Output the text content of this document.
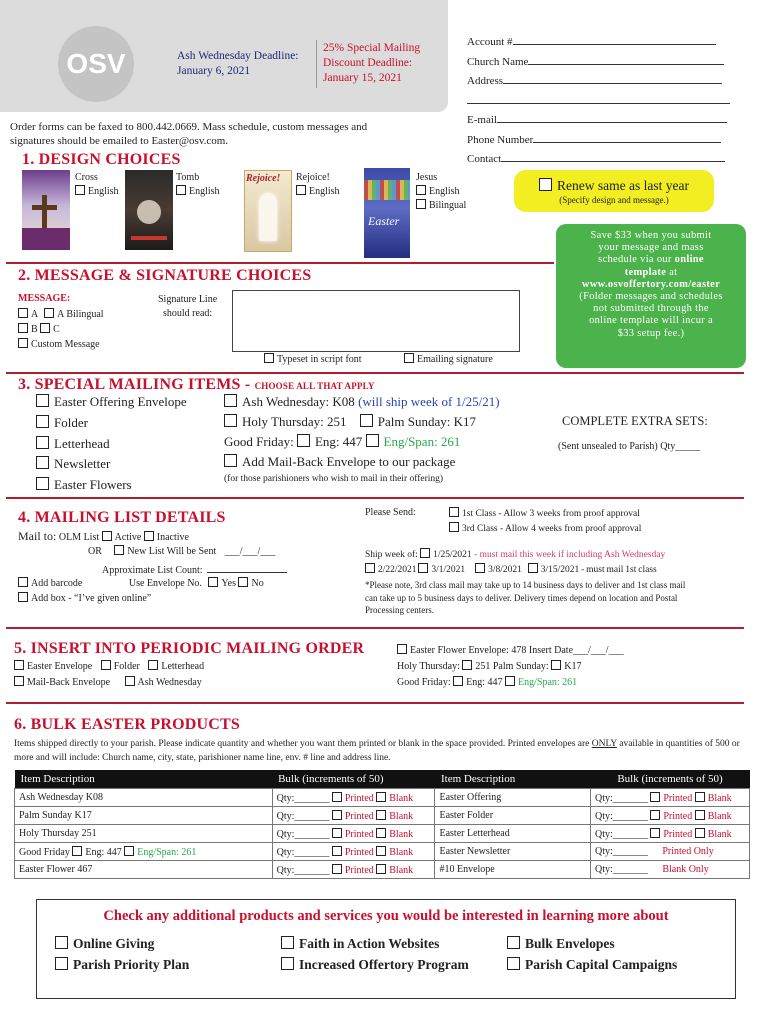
OSV	Ash Wednesday Deadline:
January 6, 2021
25% Special Mailing
Discount Deadline:
January 15, 2021
Order forms can be faxed to 800.442.0669. Mass schedule, custom messages and
signatures should be emailed to Easter@osv.com.
Account #
Church Name
Address
E-mail
Phone Number
Contact
1. DESIGN CHOICES
Cross
English
Tomb
English
Rejoice! Rejoice!
English
Easter
Jesus
English
Bilingual
Renew same as last year
(Specify design and message.)
Save $33 when you submit
your message and mass
schedule via our online
template at
www.osvoffertory.com/easter
(Folder messages and schedules
not submitted through the
online template will incur a
$33 setup fee.)
2. MESSAGE & SIGNATURE CHOICES
MESSAGE:
A A Bilingual
B C
Custom Message
Signature Line
should read:
Typeset in script font	Emailing signature
3. SPECIAL MAILING ITEMS - CHOOSE ALL THAT APPLY
Easter Offering Envelope
Folder
Letterhead
Newsletter
Easter Flowers
Ash Wednesday: K08 (will ship week of 1/25/21)
Holy Thursday: 251 Palm Sunday: K17
Good Friday: Eng: 447 Eng/Span: 261
Add Mail-Back Envelope to our package
(for those parishioners who wish to mail in their offering)
COMPLETE EXTRA SETS:
(Sent unsealed to Parish) Qty_____
4. MAILING LIST DETAILS
Mail to: OLM List Active Inactive
OR	New List Will be Sent ___/___/___
Approximate List Count:
Add barcode	Use Envelope No. Yes No
Add box - “I’ve given online”
Please Send:	1st Class - Allow 3 weeks from proof approval
3rd Class - Allow 4 weeks from proof approval
Ship week of: 1/25/2021 - must mail this week if including Ash Wednesday
2/22/2021 3/1/2021 3/8/2021 3/15/2021 - must mail 1st class
*Please note, 3rd class mail may take up to 14 business days to deliver and 1st class mail
can take up to 5 business days to deliver. Delivery times depend on location and Postal
Processing centers.
5. INSERT INTO PERIODIC MAILING ORDER
Easter Envelope Folder Letterhead
Mail-Back Envelope	Ash Wednesday
Easter Flower Envelope: 478 Insert Date___/___/___
Holy Thursday: 251 Palm Sunday: K17
Good Friday: Eng: 447 Eng/Span: 261
6. BULK EASTER PRODUCTS
Items shipped directly to your parish. Please indicate quantity and whether you want them printed or blank in the space provided. Printed envelopes are ONLY available in quantities of 500 or more and will include: Church name, city, state, parishioner name line, env. # line and address line.
Item Description	Bulk (increments of 50)	Item Description	Bulk (increments of 50)
Ash Wednesday K08	Qty:_______ Printed Blank	Easter Offering	Qty:_______ Printed Blank
Palm Sunday K17	Qty:_______ Printed Blank	Easter Folder	Qty:_______ Printed Blank
Holy Thursday 251	Qty:_______ Printed Blank	Easter Letterhead	Qty:_______ Printed Blank
Good Friday Eng: 447 Eng/Span: 261	Qty:_______ Printed Blank	Easter Newsletter	Qty:_______ Printed Only
Easter Flower 467	Qty:_______ Printed Blank	#10 Envelope	Qty:_______ Blank Only
Check any additional products and services you would be interested in learning more about
Online Giving	Faith in Action Websites	Bulk Envelopes
Parish Priority Plan	Increased Offertory Program	Parish Capital Campaigns
